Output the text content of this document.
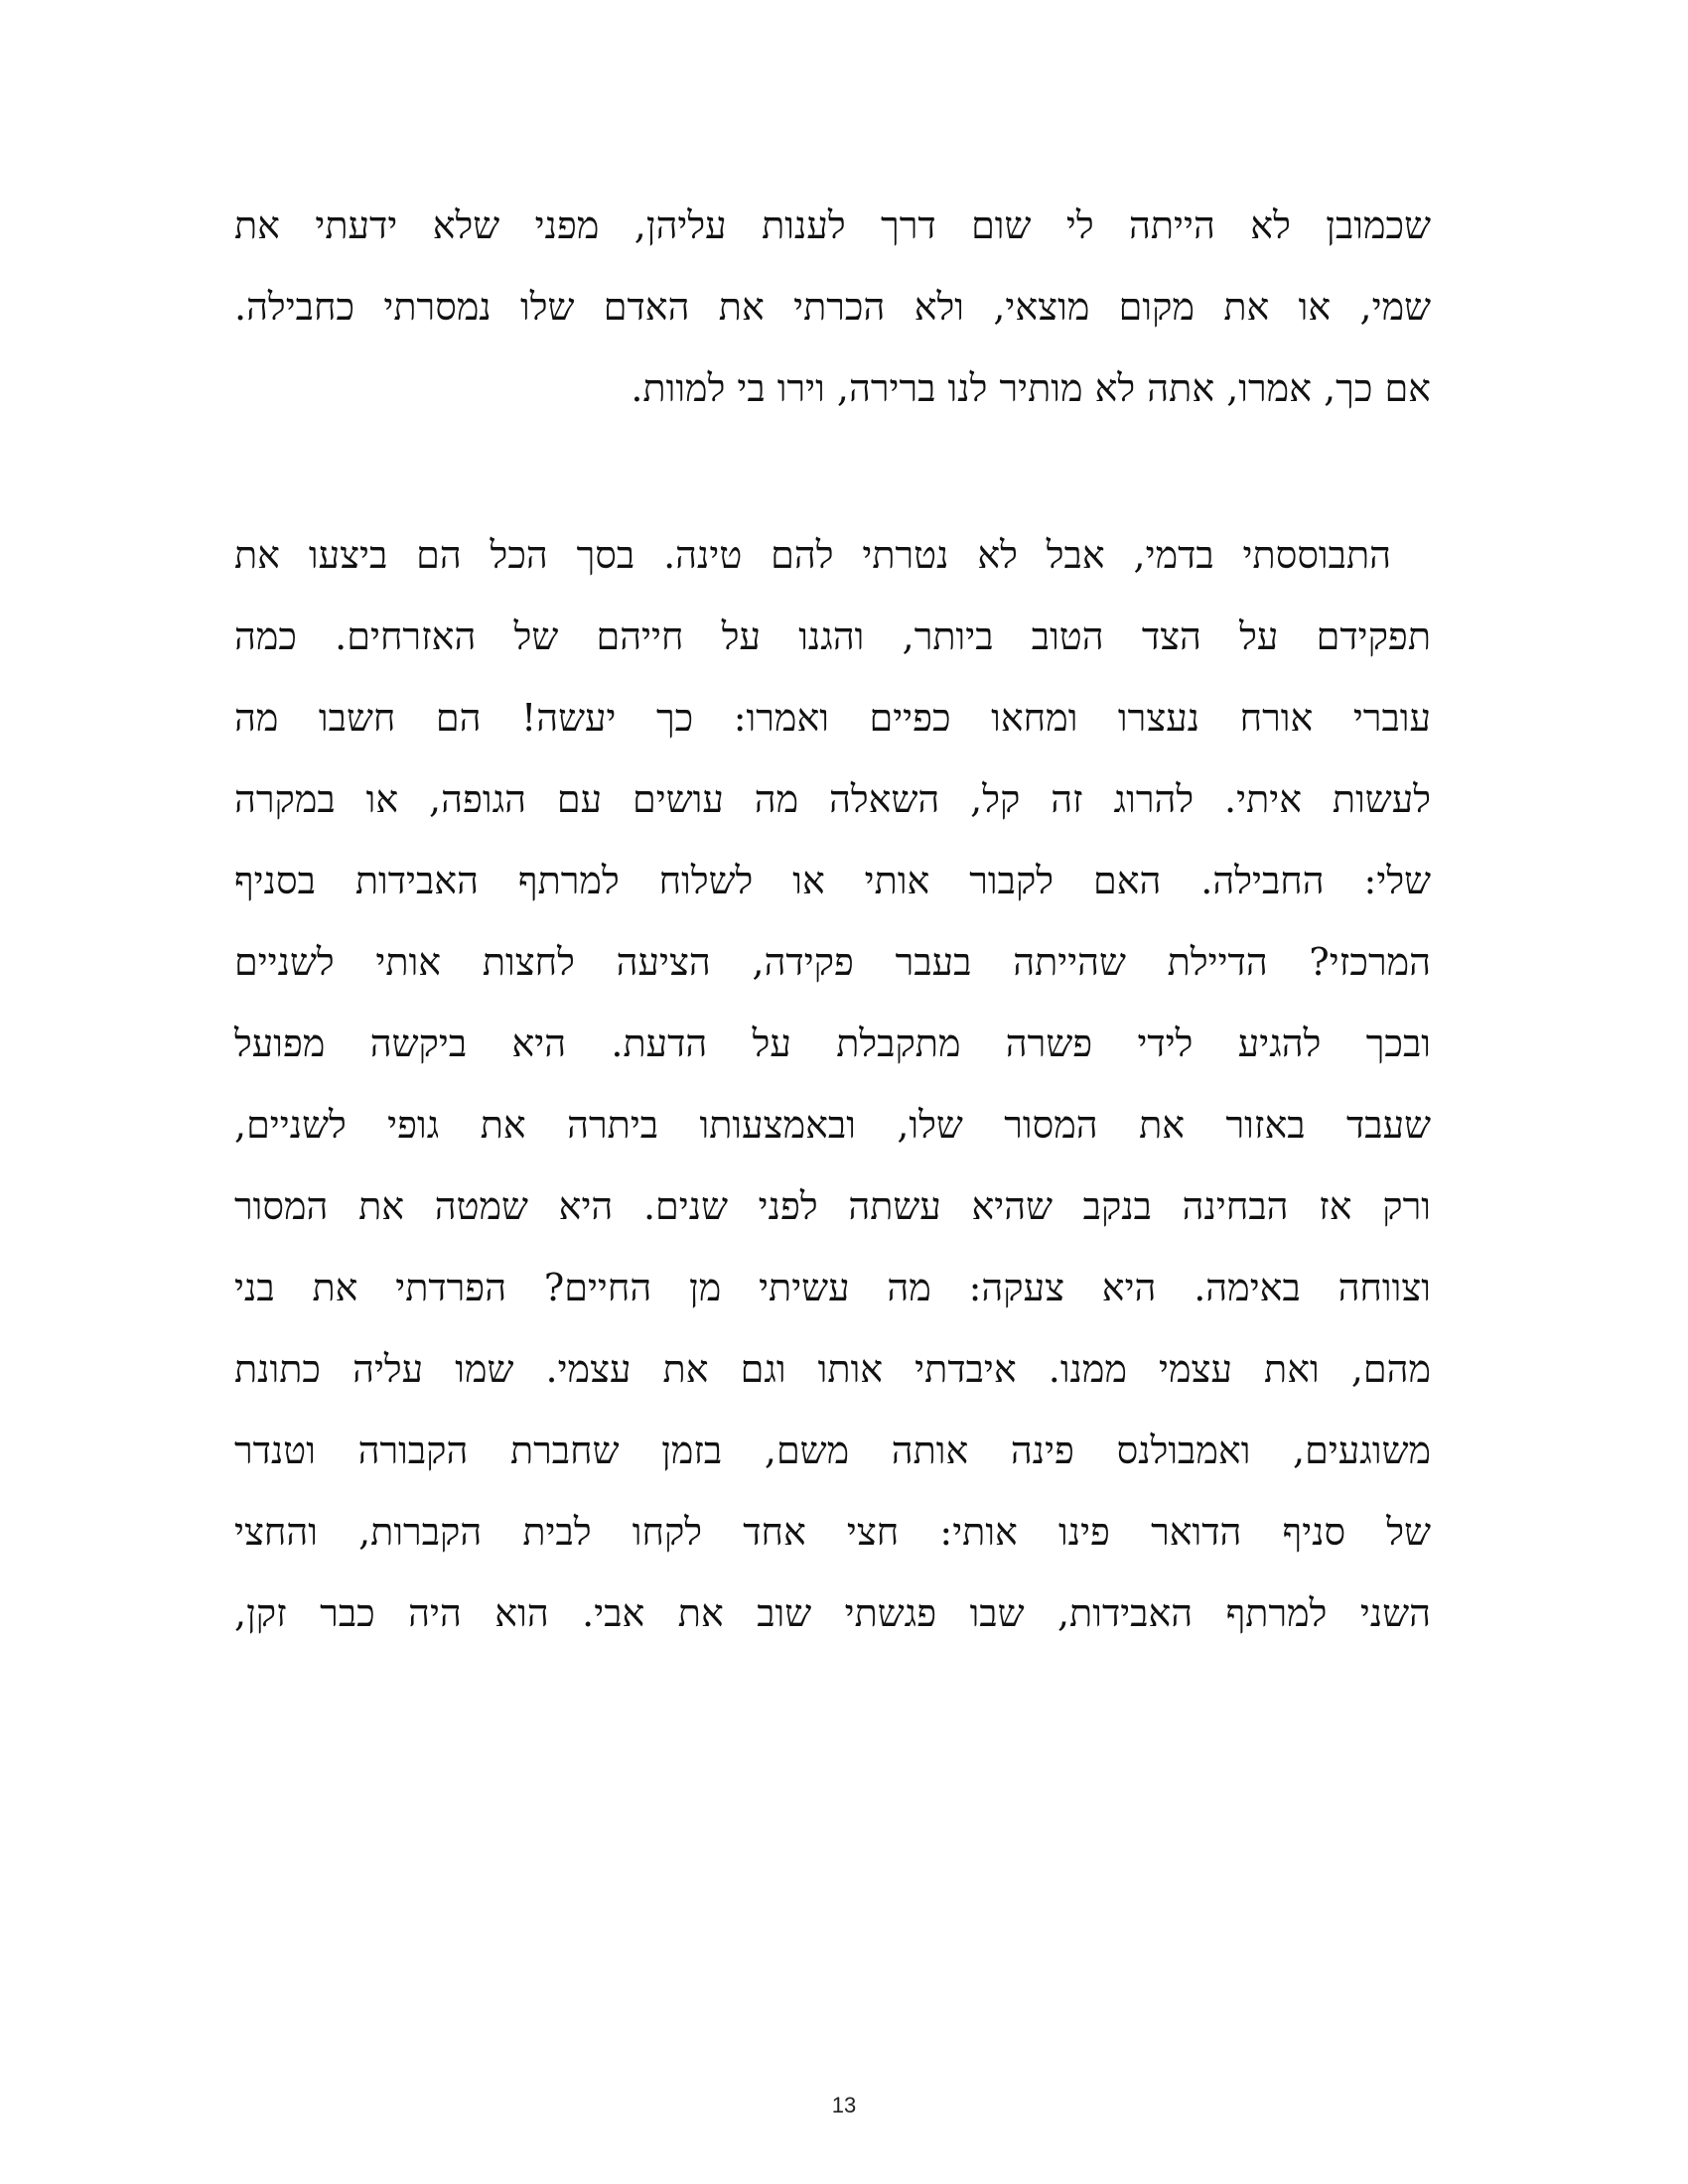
שכמובן לא הייתה לי שום דרך לענות עליהן, מפני שלא ידעתי את
שמי, או את מקום מוצאי, ולא הכרתי את האדם שלו נמסרתי כחבילה.
אם כך, אמרו, אתה לא מותיר לנו ברירה, וירו בי למוות.
התבוססתי בדמי, אבל לא נטרתי להם טינה. בסך הכל הם ביצעו את
תפקידם על הצד הטוב ביותר, והגנו על חייהם של האזרחים. כמה
עוברי אורח נעצרו ומחאו כפיים ואמרו: כך יעשה! הם חשבו מה
לעשות איתי. להרוג זה קל, השאלה מה עושים עם הגופה, או במקרה
שלי: החבילה. האם לקבור אותי או לשלוח למרתף האבידות בסניף
המרכזי? הדיילת שהייתה בעבר פקידה, הציעה לחצות אותי לשניים
ובכך להגיע לידי פשרה מתקבלת על הדעת. היא ביקשה מפועל
שעבד באזור את המסור שלו, ובאמצעותו ביתרה את גופי לשניים,
ורק אז הבחינה בנקב שהיא עשתה לפני שנים. היא שמטה את המסור
וצווחה באימה. היא צעקה: מה עשיתי מן החיים? הפרדתי את בני
מהם, ואת עצמי ממנו. איבדתי אותו וגם את עצמי. שמו עליה כתונת
משוגעים, ואמבולנס פינה אותה משם, בזמן שחברת הקבורה וטנדר
של סניף הדואר פינו אותי: חצי אחד לקחו לבית הקברות, והחצי
השני למרתף האבידות, שבו פגשתי שוב את אבי. הוא היה כבר זקן,
13
